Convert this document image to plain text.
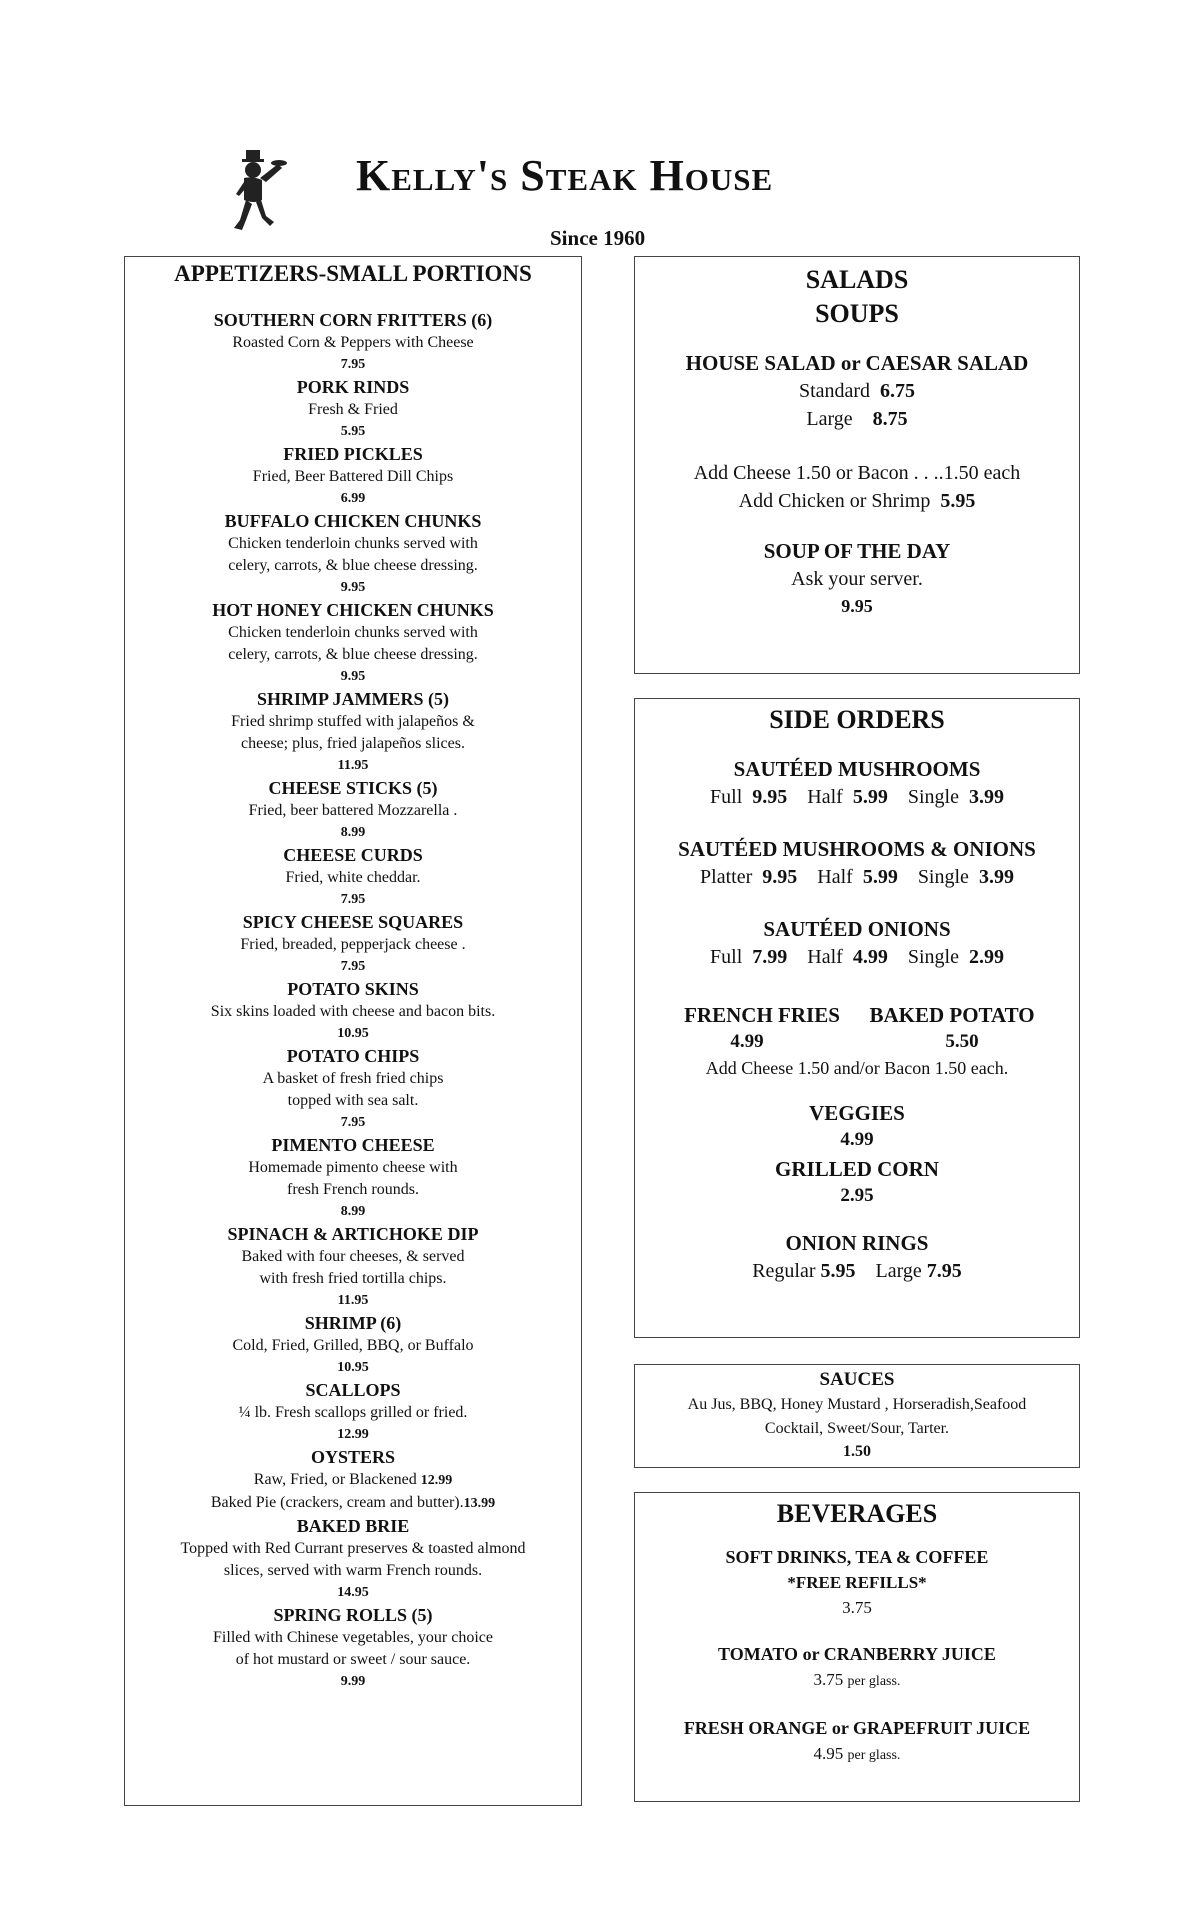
Kelly's Steak House
Since 1960
APPETIZERS-SMALL PORTIONS
SOUTHERN CORN FRITTERS (6)
Roasted Corn & Peppers with Cheese
7.95
PORK RINDS
Fresh & Fried
5.95
FRIED PICKLES
Fried, Beer Battered Dill Chips
6.99
BUFFALO CHICKEN CHUNKS
Chicken tenderloin chunks served with
celery, carrots, & blue cheese dressing.
9.95
HOT HONEY CHICKEN CHUNKS
Chicken tenderloin chunks served with
celery, carrots, & blue cheese dressing.
9.95
SHRIMP JAMMERS (5)
Fried shrimp stuffed with jalapeños &
cheese; plus, fried jalapeños slices.
11.95
CHEESE STICKS (5)
Fried, beer battered Mozzarella .
8.99
CHEESE CURDS
Fried, white cheddar.
7.95
SPICY CHEESE SQUARES
Fried, breaded, pepperjack cheese .
7.95
POTATO SKINS
Six skins loaded with cheese and bacon bits.
10.95
POTATO CHIPS
A basket of fresh fried chips
topped with sea salt.
7.95
PIMENTO CHEESE
Homemade pimento cheese with
fresh French rounds.
8.99
SPINACH & ARTICHOKE DIP
Baked with four cheeses, & served
with fresh fried tortilla chips.
11.95
SHRIMP (6)
Cold, Fried, Grilled, BBQ, or Buffalo
10.95
SCALLOPS
¼ lb. Fresh scallops grilled or fried.
12.99
OYSTERS
Raw, Fried, or Blackened 12.99
Baked Pie (crackers, cream and butter).13.99
BAKED BRIE
Topped with Red Currant preserves & toasted almond
slices, served with warm French rounds.
14.95
SPRING ROLLS (5)
Filled with Chinese vegetables, your choice
of hot mustard or sweet / sour sauce.
9.99
SALADS
SOUPS
HOUSE SALAD or CAESAR SALAD
Standard 6.75
Large 8.75
Add Cheese 1.50 or Bacon . . ..1.50 each
Add Chicken or Shrimp 5.95
SOUP OF THE DAY
Ask your server.
9.95
SIDE ORDERS
SAUTÉED MUSHROOMS
Full 9.95 Half 5.99 Single 3.99
SAUTÉED MUSHROOMS & ONIONS
Platter 9.95 Half 5.99 Single 3.99
SAUTÉED ONIONS
Full 7.99 Half 4.99 Single 2.99
FRENCH FRIES
4.99
BAKED POTATO
5.50
Add Cheese 1.50 and/or Bacon 1.50 each.
VEGGIES
4.99
GRILLED CORN
2.95
ONION RINGS
Regular 5.95 Large 7.95
SAUCES
Au Jus, BBQ, Honey Mustard , Horseradish,Seafood
Cocktail, Sweet/Sour, Tarter.
1.50
BEVERAGES
SOFT DRINKS, TEA & COFFEE
*FREE REFILLS*
3.75
TOMATO or CRANBERRY JUICE
3.75 per glass.
FRESH ORANGE or GRAPEFRUIT JUICE
4.95 per glass.
